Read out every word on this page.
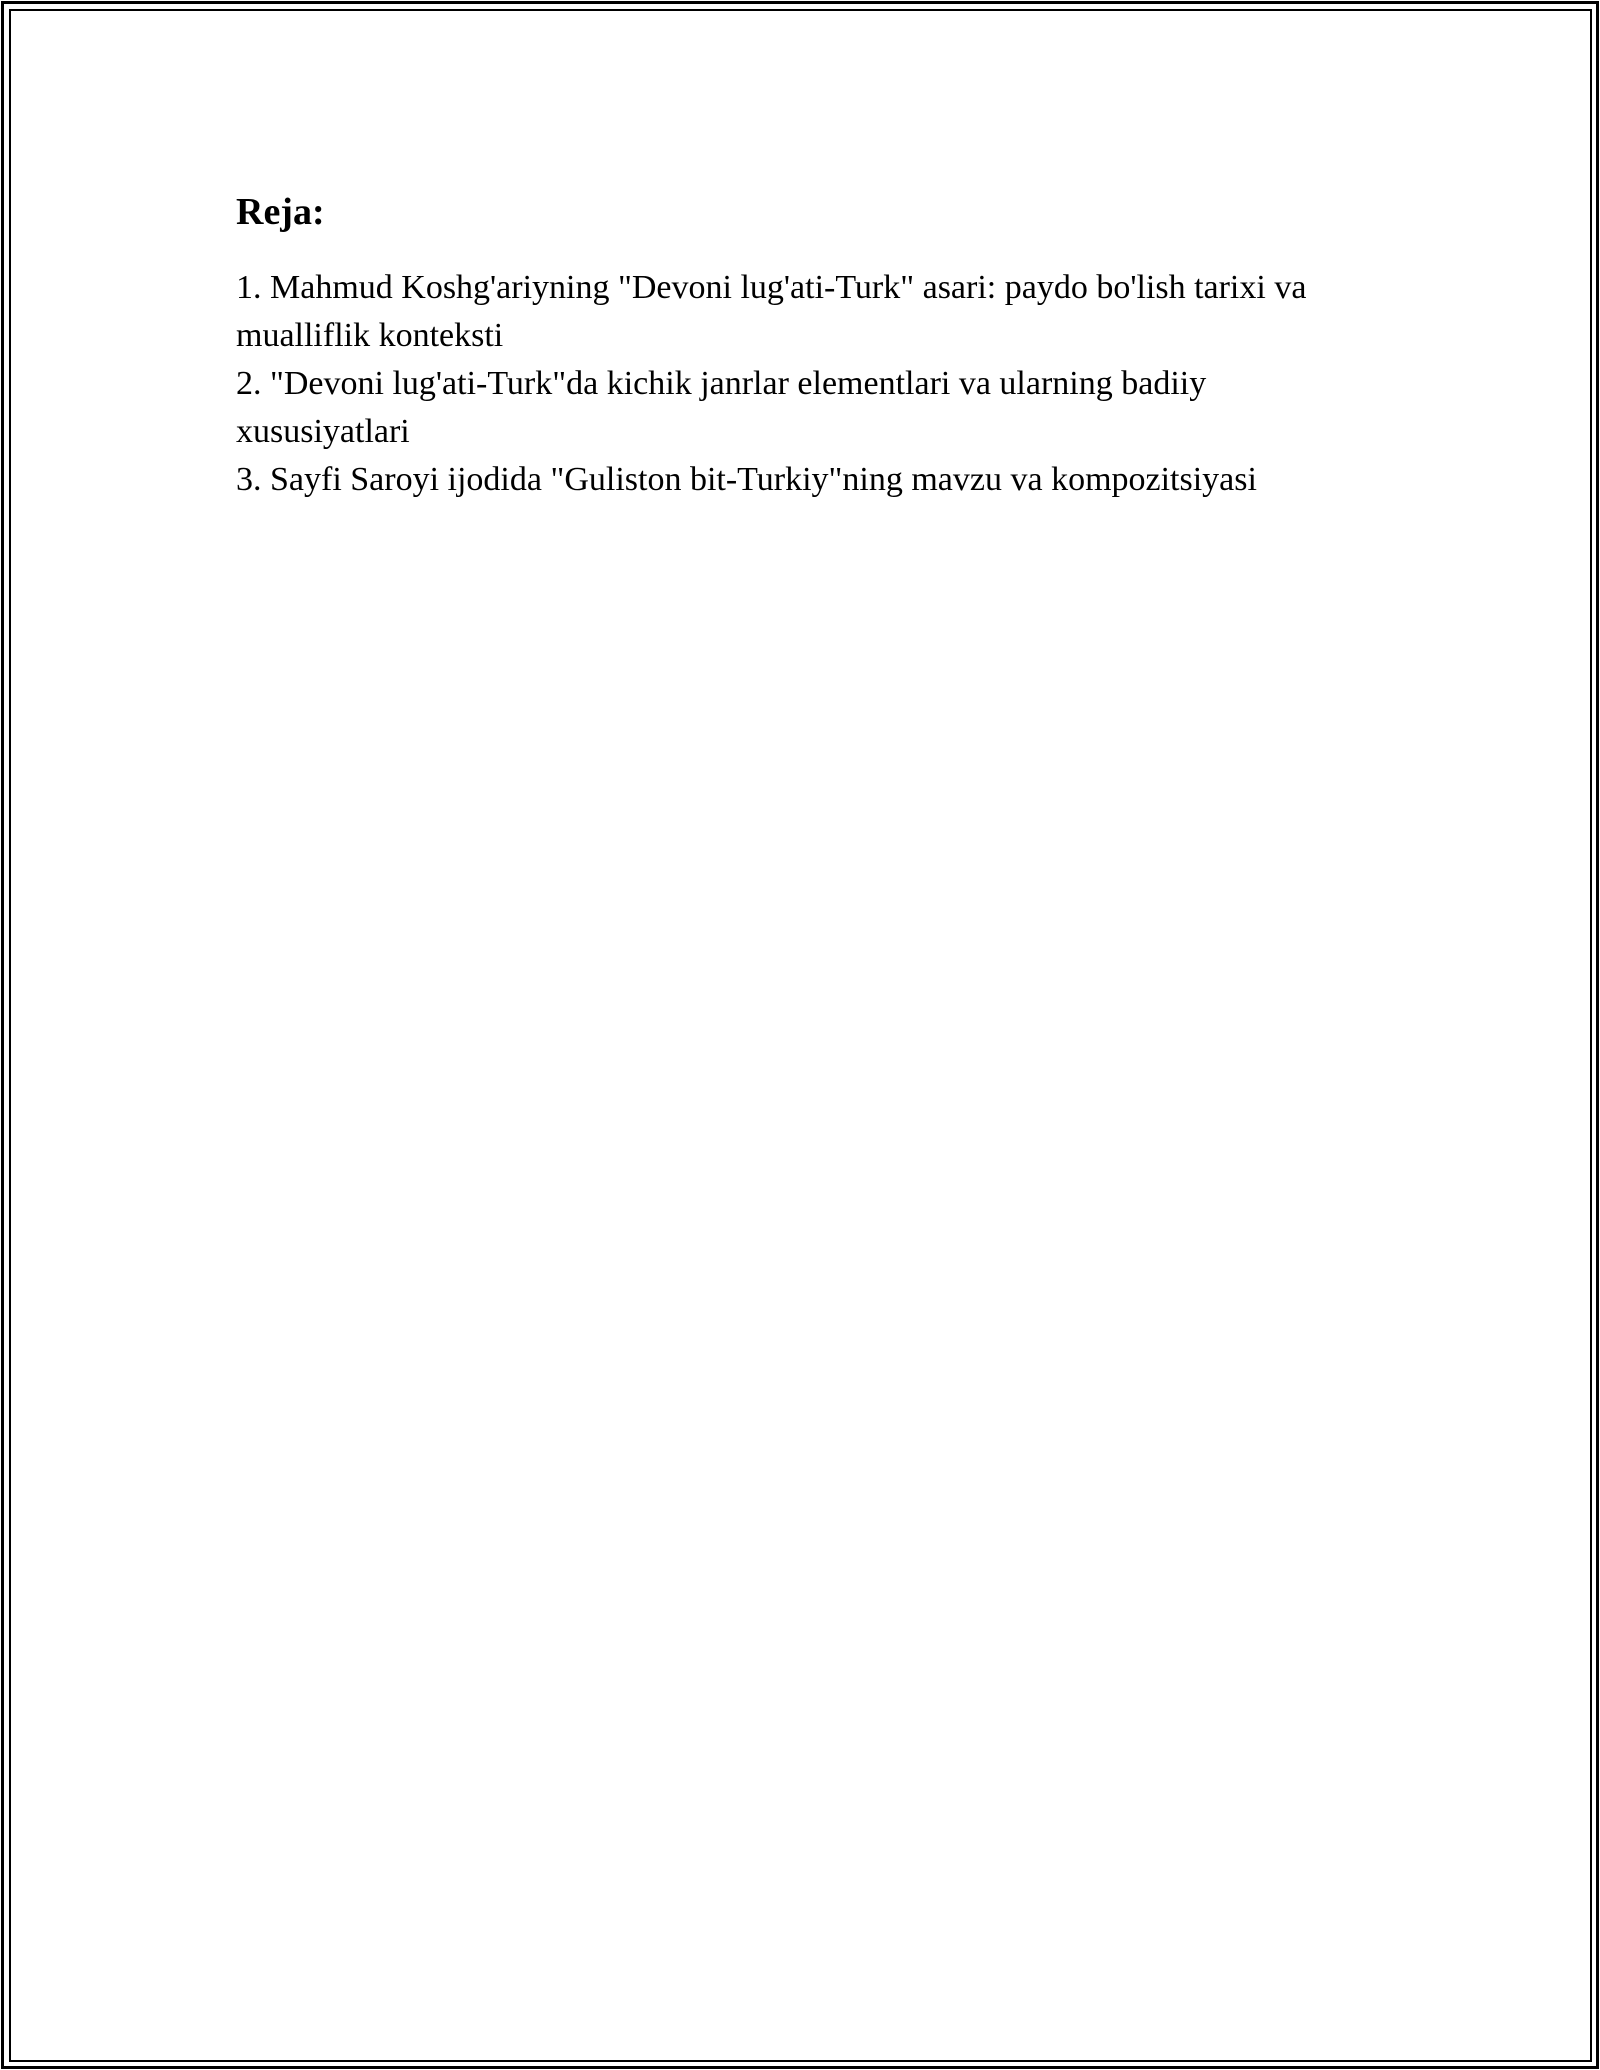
Reja:
1. Mahmud Koshg'ariyning "Devoni lug'ati-Turk" asari: paydo bo'lish tarixi va mualliflik konteksti
2. "Devoni lug'ati-Turk"da kichik janrlar elementlari va ularning badiiy xususiyatlari
3. Sayfi Saroyi ijodida "Guliston bit-Turkiy"ning mavzu va kompozitsiyasi
